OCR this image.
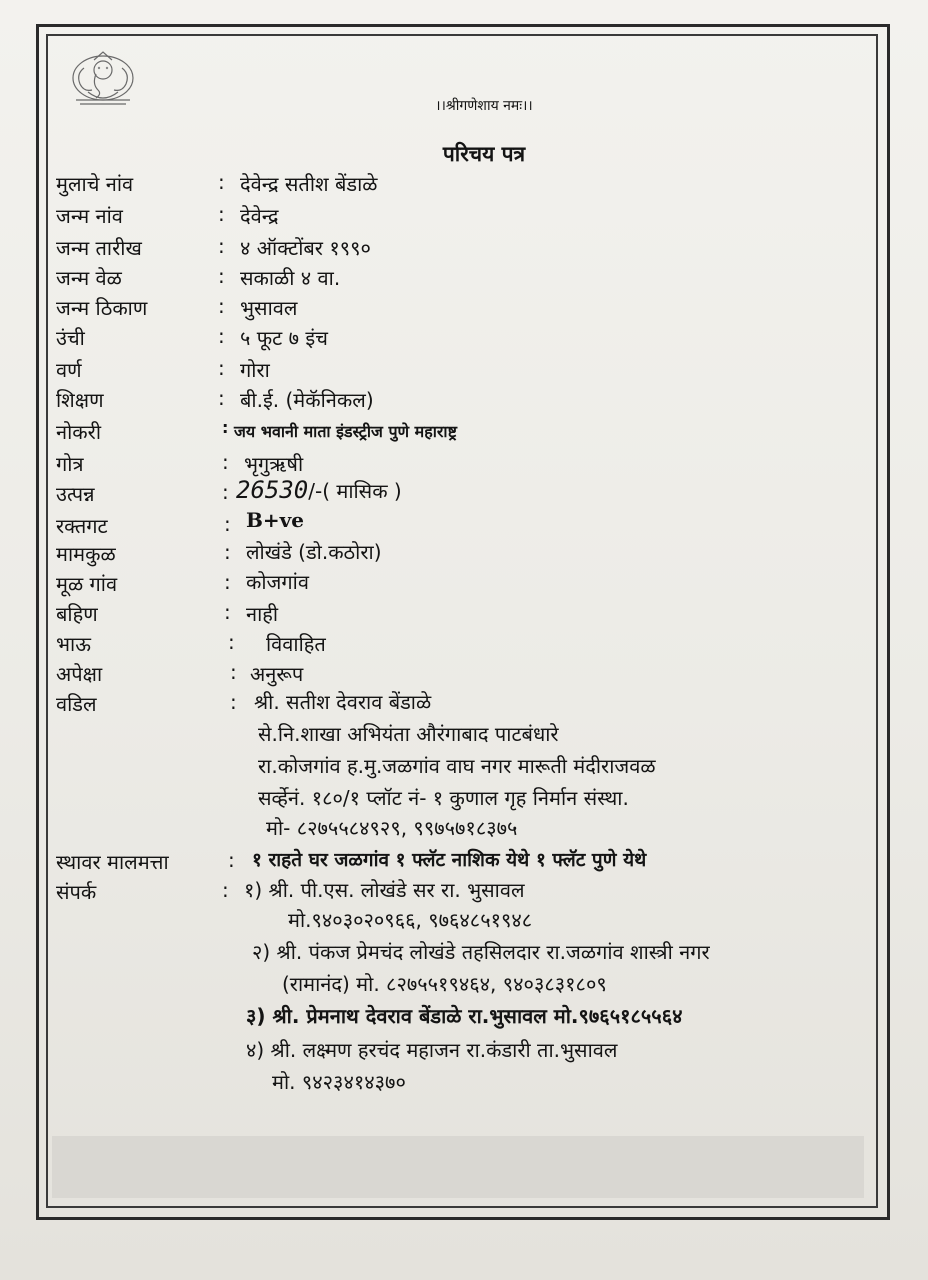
।।श्रीगणेशाय नमः।।
परिचय पत्र
मुलाचे नांव	: देवेन्द्र सतीश बेंडाळे
जन्म नांव	: देवेन्द्र
जन्म तारीख	: ४ ऑक्टोंबर १९९०
जन्म वेळ	: सकाळी ४ वा.
जन्म ठिकाण	: भुसावल
उंची	: ५ फूट ७ इंच
वर्ण	: गोरा
शिक्षण	: बी.ई. (मेकॅनिकल)
नोकरी	: जय भवानी माता इंडस्ट्रीज पुणे महाराष्ट्र
गोत्र	: भृगुऋषी
उत्पन्न	: 26530/-( मासिक )
रक्तगट	: B+ve
मामकुळ	: लोखंडे (डो.कठोरा)
मूळ गांव	: कोजगांव
बहिण	: नाही
भाऊ	: विवाहित
अपेक्षा	: अनुरूप
वडिल	: श्री. सतीश देवराव बेंडाळे
से.नि.शाखा अभियंता औरंगाबाद पाटबंधारे
रा.कोजगांव ह.मु.जळगांव वाघ नगर मारूती मंदीराजवळ
सर्व्हेनं. १८०/१ प्लॉट नं- १ कुणाल गृह निर्मान संस्था.
मो- ८२७५५८४९२९, ९९७५७१८३७५
स्थावर मालमत्ता	: १ राहते घर जळगांव १ फ्लॅट नाशिक येथे १ फ्लॅट पुणे येथे
संपर्क	: १) श्री. पी.एस. लोखंडे सर रा. भुसावल
मो.९४०३०२०९६६, ९७६४८५१९४८
२) श्री. पंकज प्रेमचंद लोखंडे तहसिलदार रा.जळगांव शास्त्री नगर
(रामानंद) मो. ८२७५५१९४६४, ९४०३८३१८०९
३) श्री. प्रेमनाथ देवराव बेंडाळे रा.भुसावल मो.९७६५१८५५६४
४) श्री. लक्ष्मण हरचंद महाजन रा.कंडारी ता.भुसावल
मो. ९४२३४१४३७०
